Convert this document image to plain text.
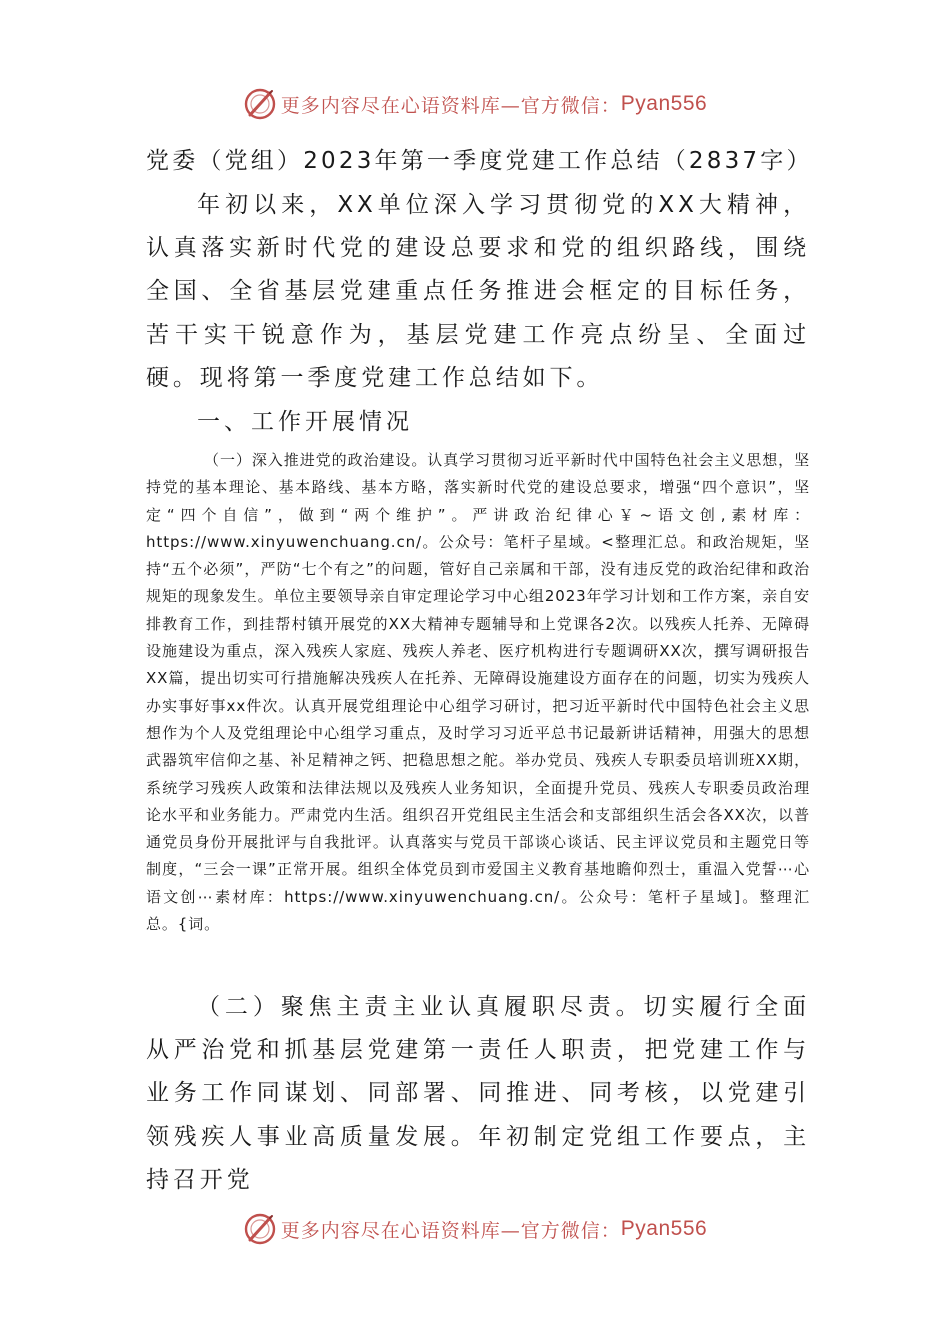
更多内容尽在心语资料库—官方微信： Pyan556
党委（党组）2023年第一季度党建工作总结（2837字）
年初以来，XX单位深入学习贯彻党的XX大精神，认真落实新时代党的建设总要求和党的组织路线，围绕全国、全省基层党建重点任务推进会框定的目标任务，苦干实干锐意作为，基层党建工作亮点纷呈、全面过硬。现将第一季度党建工作总结如下。
一、工作开展情况
（一）深入推进党的政治建设。认真学习贯彻习近平新时代中国特色社会主义思想，坚持党的基本理论、基本路线、基本方略，落实新时代党的建设总要求，增强“四个意识”，坚定“四个自信”，做到“两个维护”。严讲政治纪律心￥~语文创,素材库：https://www.xinyuwenchuang.cn/。公众号：笔杆子星域。<整理汇总。和政治规矩，坚持“五个必须”，严防“七个有之”的问题，管好自己亲属和干部，没有违反党的政治纪律和政治规矩的现象发生。单位主要领导亲自审定理论学习中心组2023年学习计划和工作方案，亲自安排教育工作，到挂帮村镇开展党的XX大精神专题辅导和上党课各2次。以残疾人托养、无障碍设施建设为重点，深入残疾人家庭、残疾人养老、医疗机构进行专题调研XX次，撰写调研报告XX篇，提出切实可行措施解决残疾人在托养、无障碍设施建设方面存在的问题，切实为残疾人办实事好事xx件次。认真开展党组理论中心组学习研讨，把习近平新时代中国特色社会主义思想作为个人及党组理论中心组学习重点，及时学习习近平总书记最新讲话精神，用强大的思想武器筑牢信仰之基、补足精神之钙、把稳思想之舵。举办党员、残疾人专职委员培训班XX期，系统学习残疾人政策和法律法规以及残疾人业务知识，全面提升党员、残疾人专职委员政治理论水平和业务能力。严肃党内生活。组织召开党组民主生活会和支部组织生活会各XX次，以普通党员身份开展批评与自我批评。认真落实与党员干部谈心谈话、民主评议党员和主题党日等制度，“三会一课”正常开展。组织全体党员到市爱国主义教育基地瞻仰烈士，重温入党誓⋯心语文创⋯素材库：https://www.xinyuwenchuang.cn/。公众号：笔杆子星域]。整理汇总。{词。
（二）聚焦主责主业认真履职尽责。切实履行全面从严治党和抓基层党建第一责任人职责，把党建工作与业务工作同谋划、同部署、同推进、同考核，以党建引领残疾人事业高质量发展。年初制定党组工作要点，主持召开党
更多内容尽在心语资料库—官方微信： Pyan556
